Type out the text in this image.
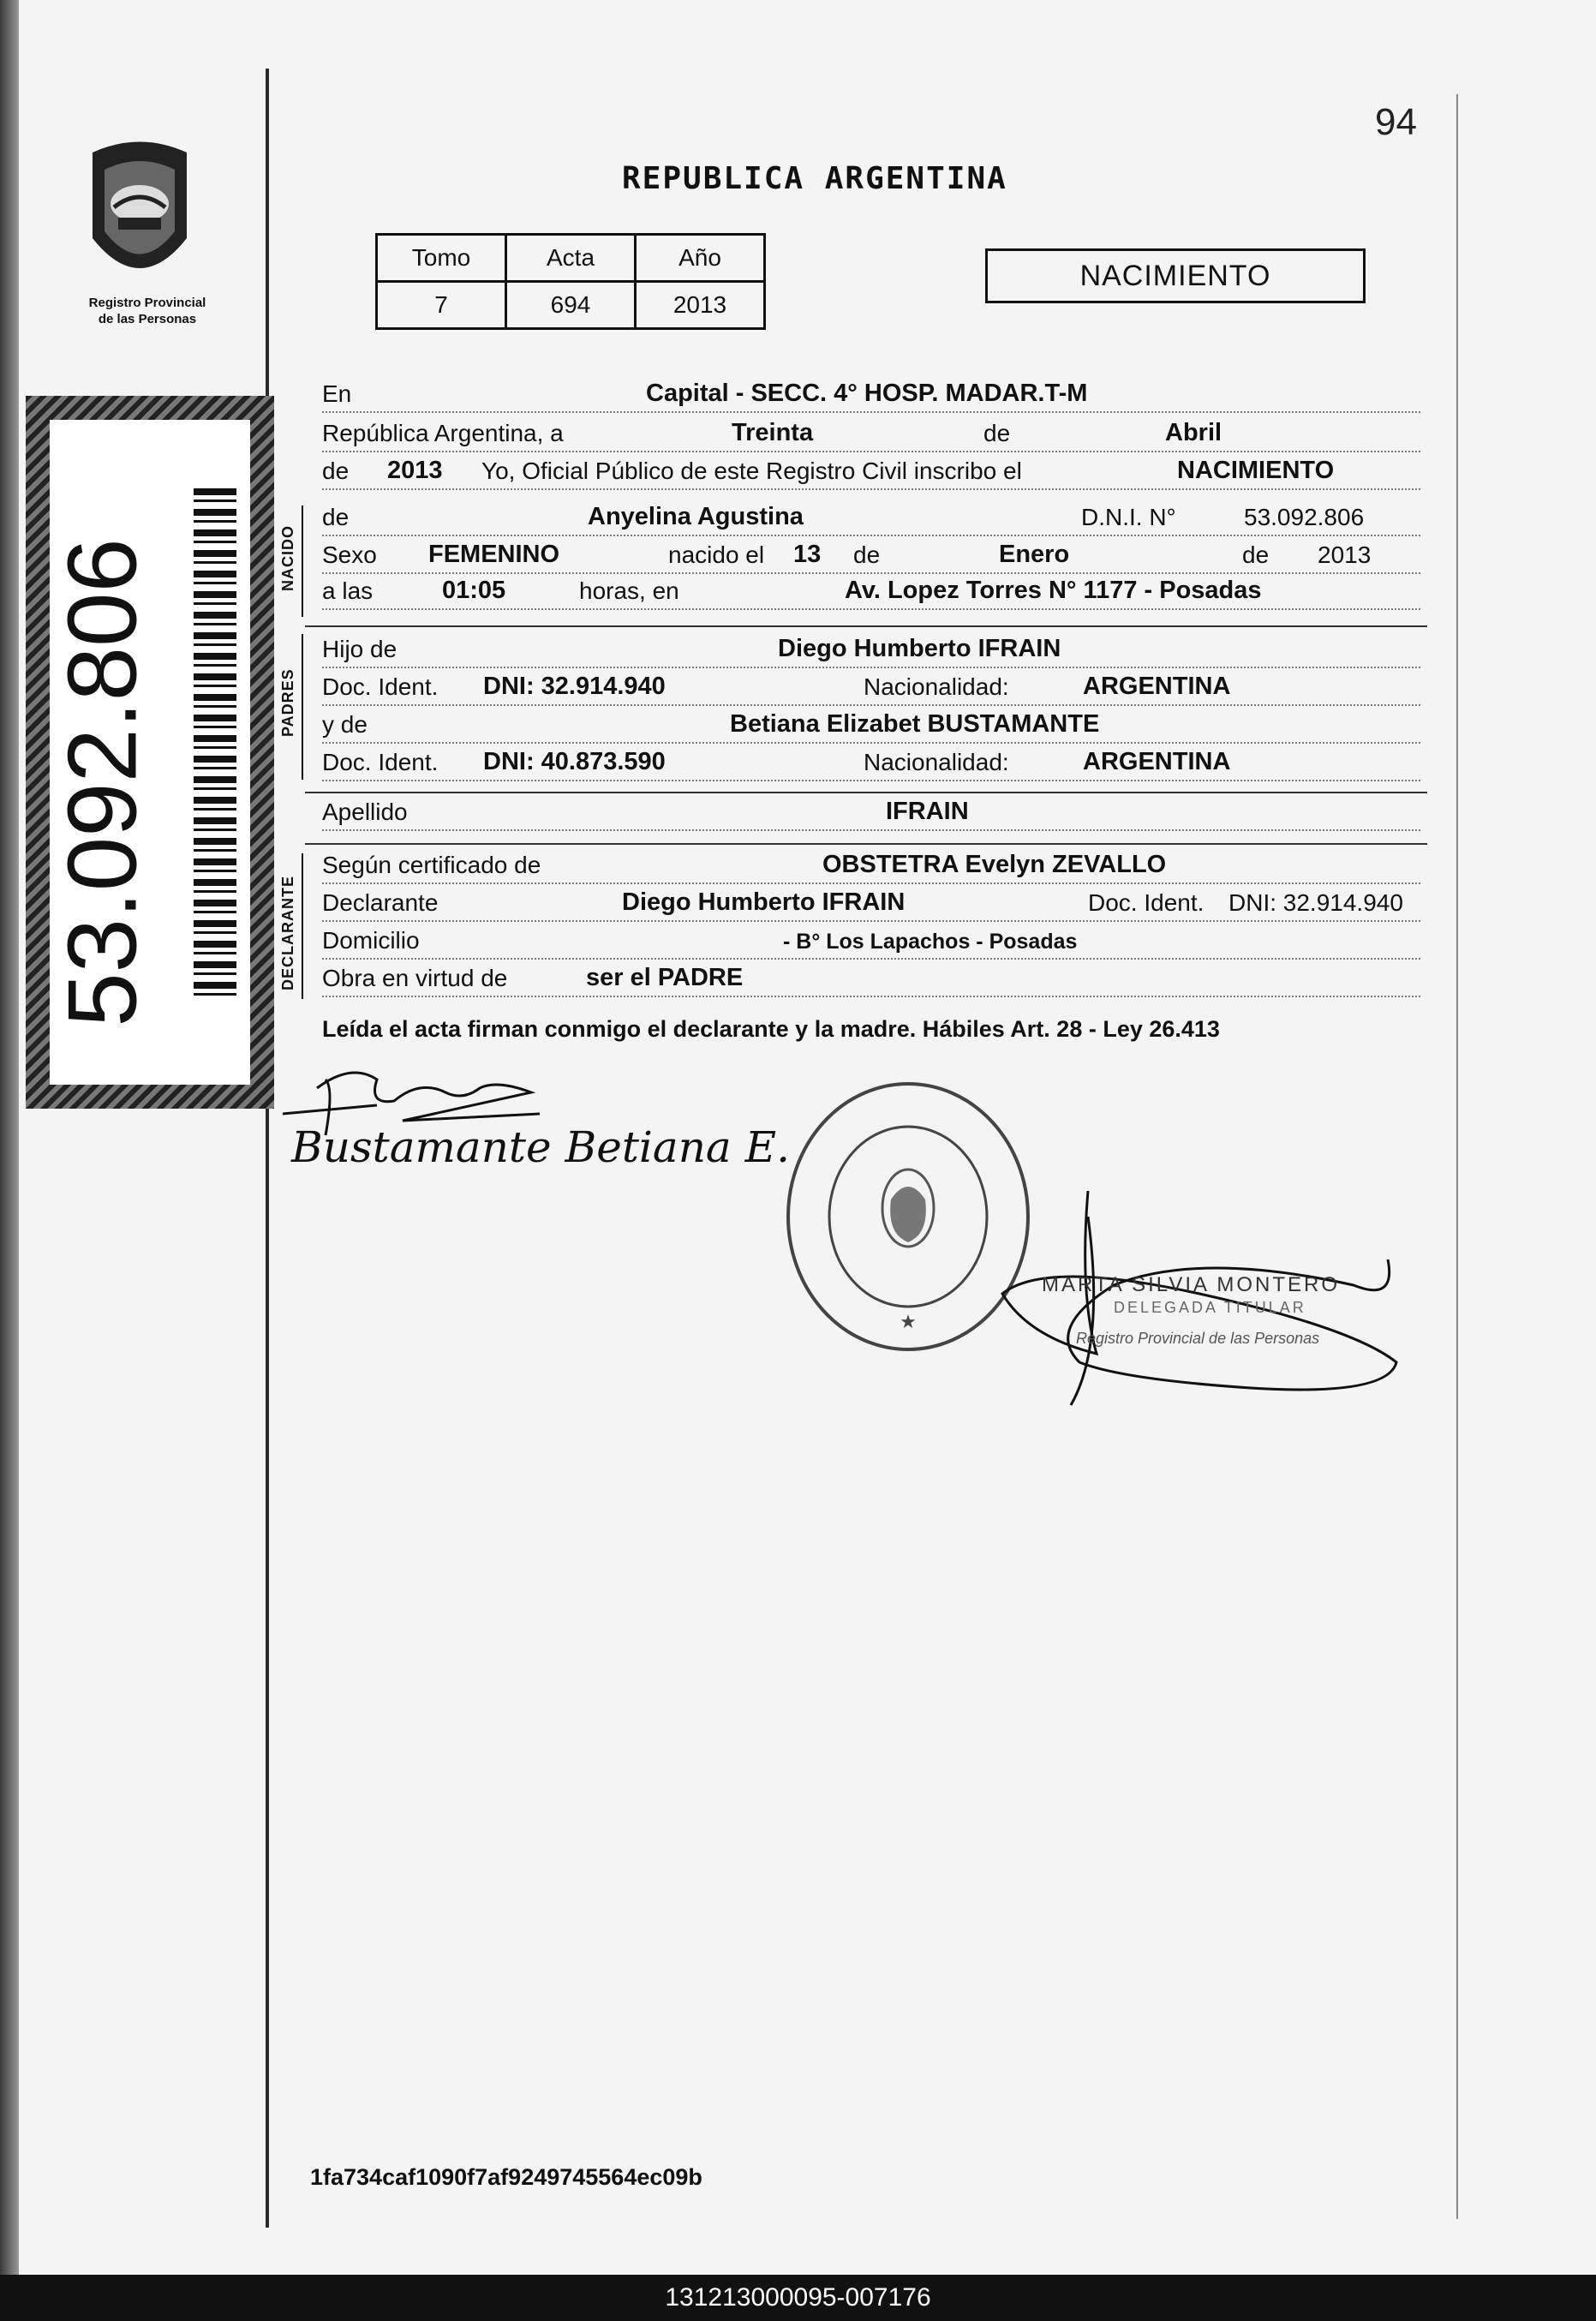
94
REPUBLICA ARGENTINA
Registro Provincial
de las Personas
Tomo	Acta	Año
7	694	2013
NACIMIENTO
53.092.806	NACIDO
PADRES
DECLARANTE
En	Capital - SECC. 4° HOSP. MADAR.T-M
República Argentina, a	Treinta	de	Abril
de 2013 Yo, Oficial Público de este Registro Civil inscribo el	NACIMIENTO
de	Anyelina Agustina	D.N.I. N°	53.092.806
Sexo FEMENINO	nacido el 13 de	Enero	de 2013
a las	01:05	horas, en	Av. Lopez Torres N° 1177 - Posadas
Hijo de	Diego Humberto IFRAIN
Doc. Ident. DNI: 32.914.940	Nacionalidad:	ARGENTINA
y de	Betiana Elizabet BUSTAMANTE
Doc. Ident. DNI: 40.873.590	Nacionalidad:	ARGENTINA
Apellido	IFRAIN
Según certificado de	OBSTETRA Evelyn ZEVALLO
Declarante	Diego Humberto IFRAIN	Doc. Ident. DNI: 32.914.940
Domicilio	- B° Los Lapachos - Posadas
Obra en virtud de	ser el PADRE
Leída el acta firman conmigo el declarante y la madre. Hábiles Art. 28 - Ley 26.413
Bustamante Betiana E.
★
MARTA SILVIA MONTERO
DELEGADA TITULAR
Registro Provincial de las Personas
1fa734caf1090f7af9249745564ec09b
131213000095-007176
